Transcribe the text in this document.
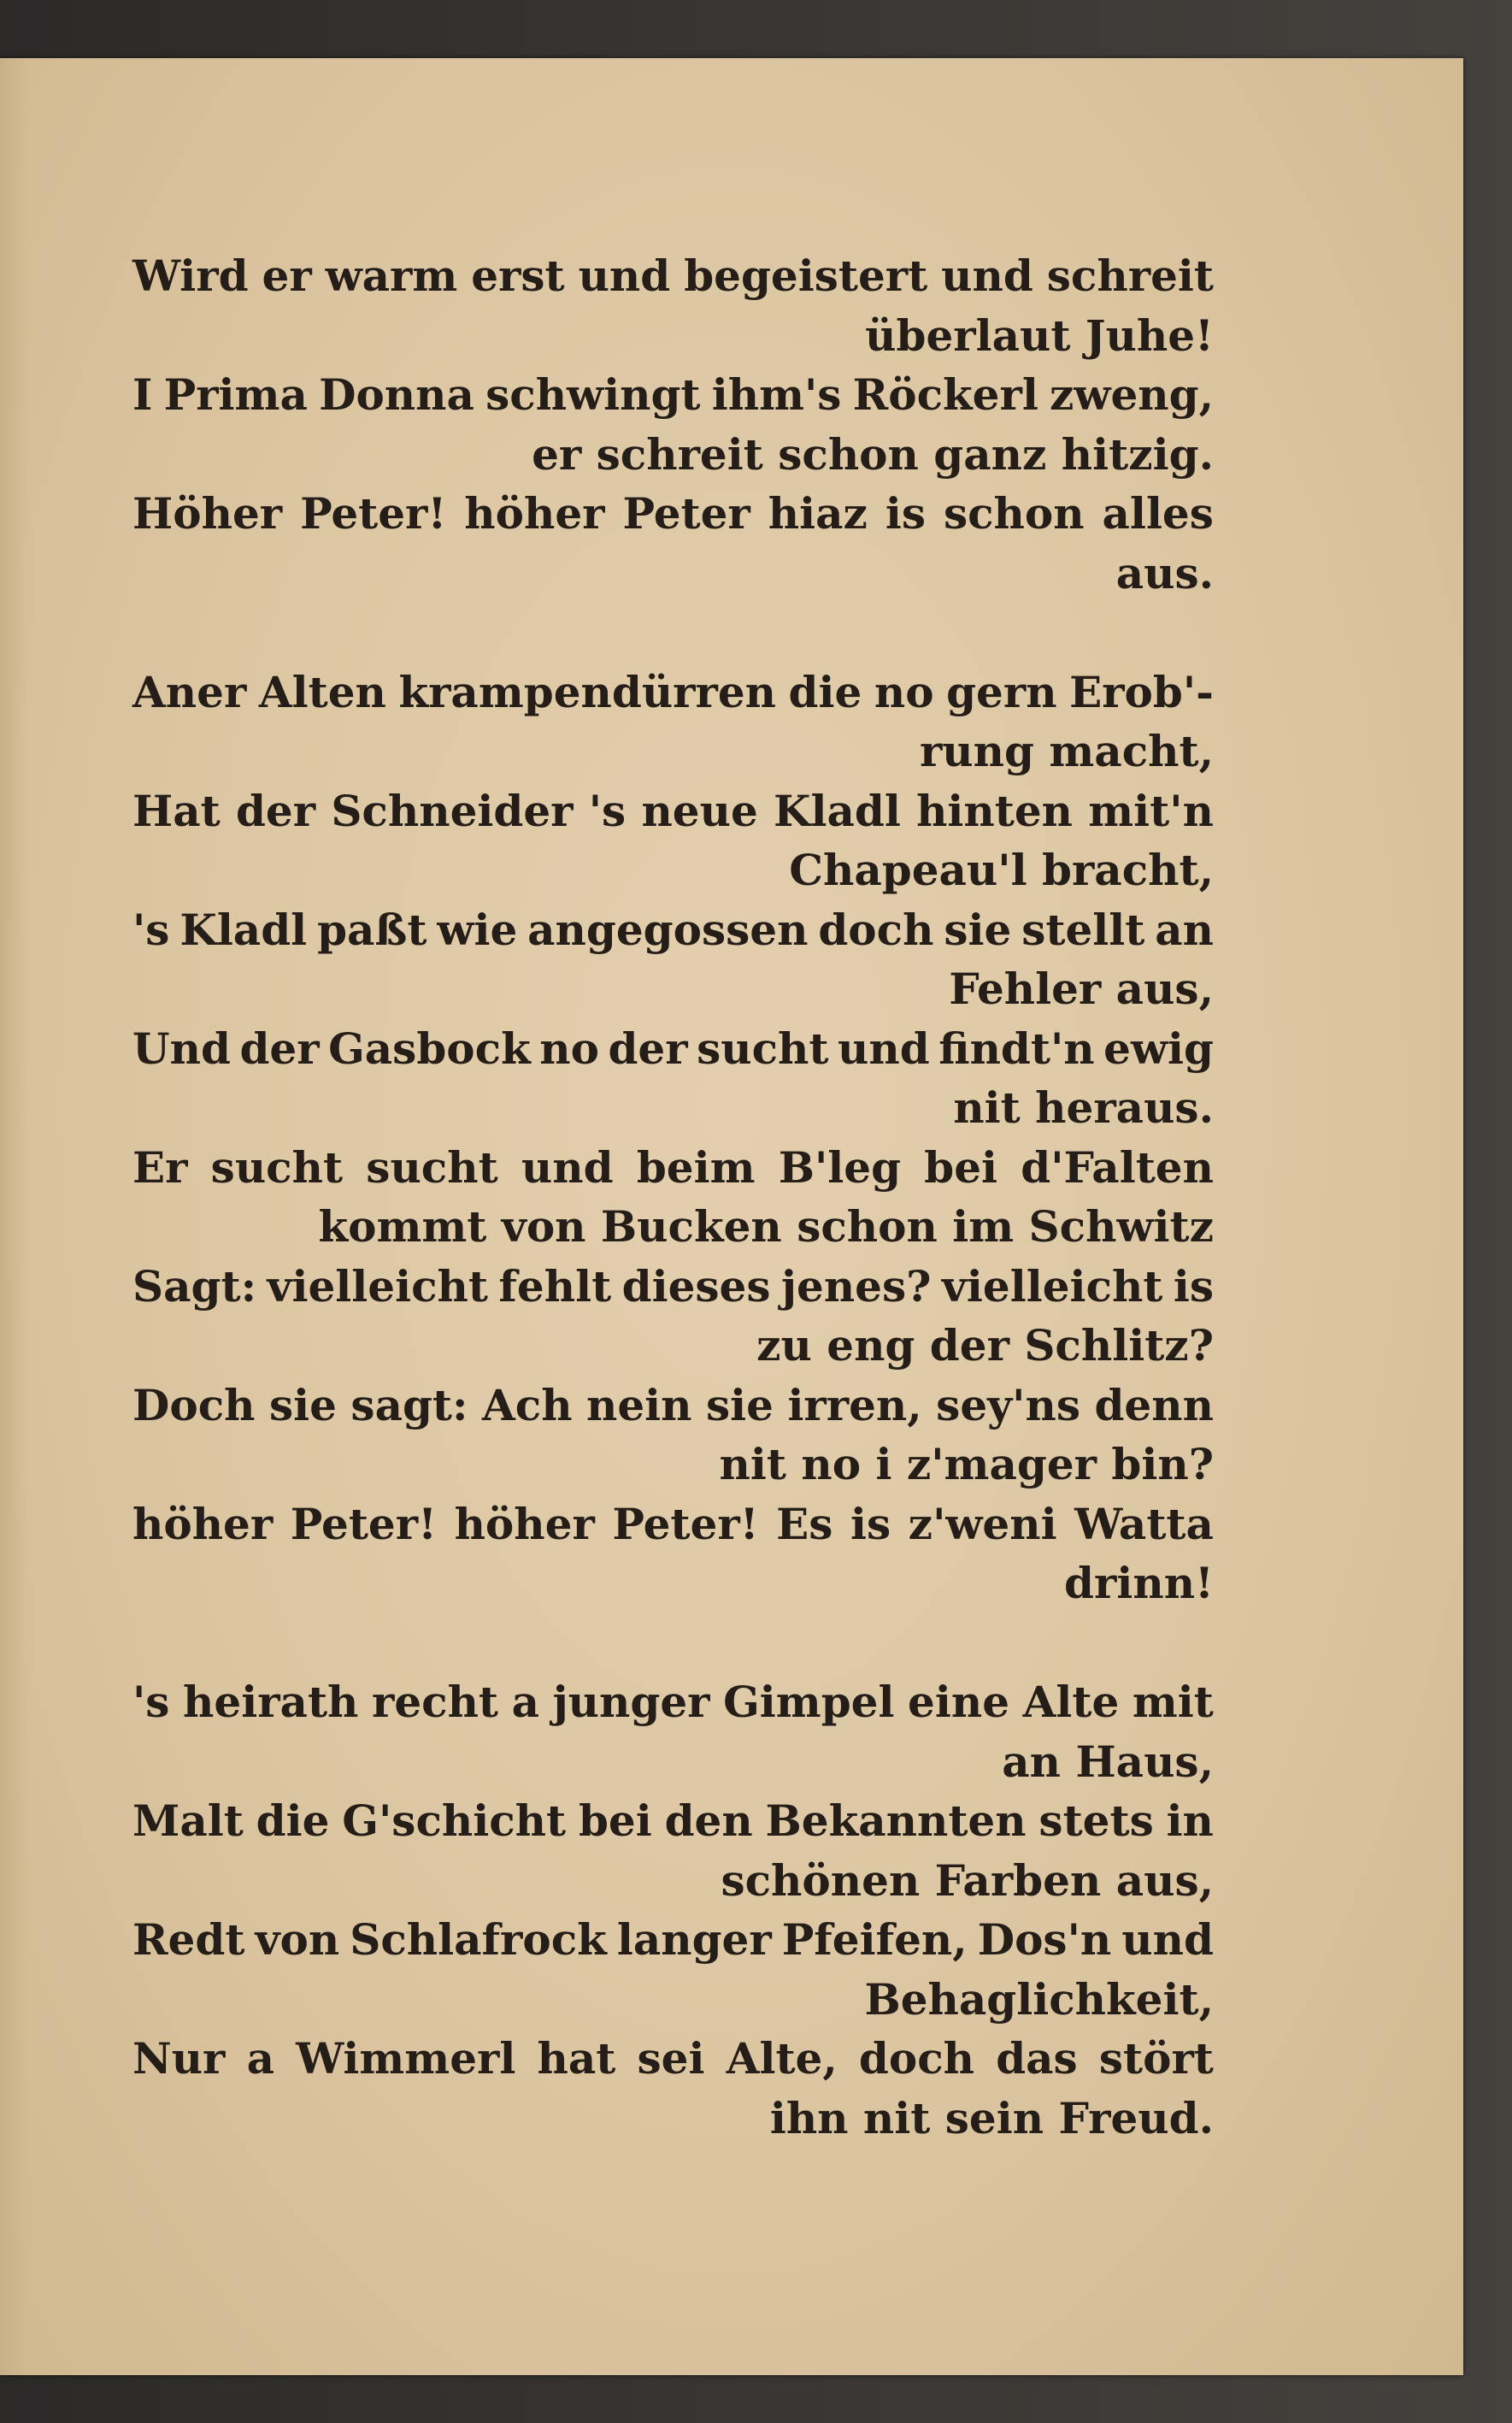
Wird er warm erst und begeistert und schreit
überlaut Juhe!
I Prima Donna schwingt ihm's Röckerl zweng,
er schreit schon ganz hitzig.
Höher Peter! höher Peter hiaz is schon alles
aus.
Aner Alten krampendürren die no gern Erob'-
rung macht,
Hat der Schneider 's neue Kladl hinten mit'n
Chapeau'l bracht,
's Kladl paßt wie angegossen doch sie stellt an
Fehler aus,
Und der Gasbock no der sucht und findt'n ewig
nit heraus.
Er sucht sucht und beim B'leg bei d'Falten
kommt von Bucken schon im Schwitz
Sagt: vielleicht fehlt dieses jenes? vielleicht is
zu eng der Schlitz?
Doch sie sagt: Ach nein sie irren, sey'ns denn
nit no i z'mager bin?
höher Peter! höher Peter! Es is z'weni Watta
drinn!
's heirath recht a junger Gimpel eine Alte mit
an Haus,
Malt die G'schicht bei den Bekannten stets in
schönen Farben aus,
Redt von Schlafrock langer Pfeifen, Dos'n und
Behaglichkeit,
Nur a Wimmerl hat sei Alte, doch das stört
ihn nit sein Freud.
